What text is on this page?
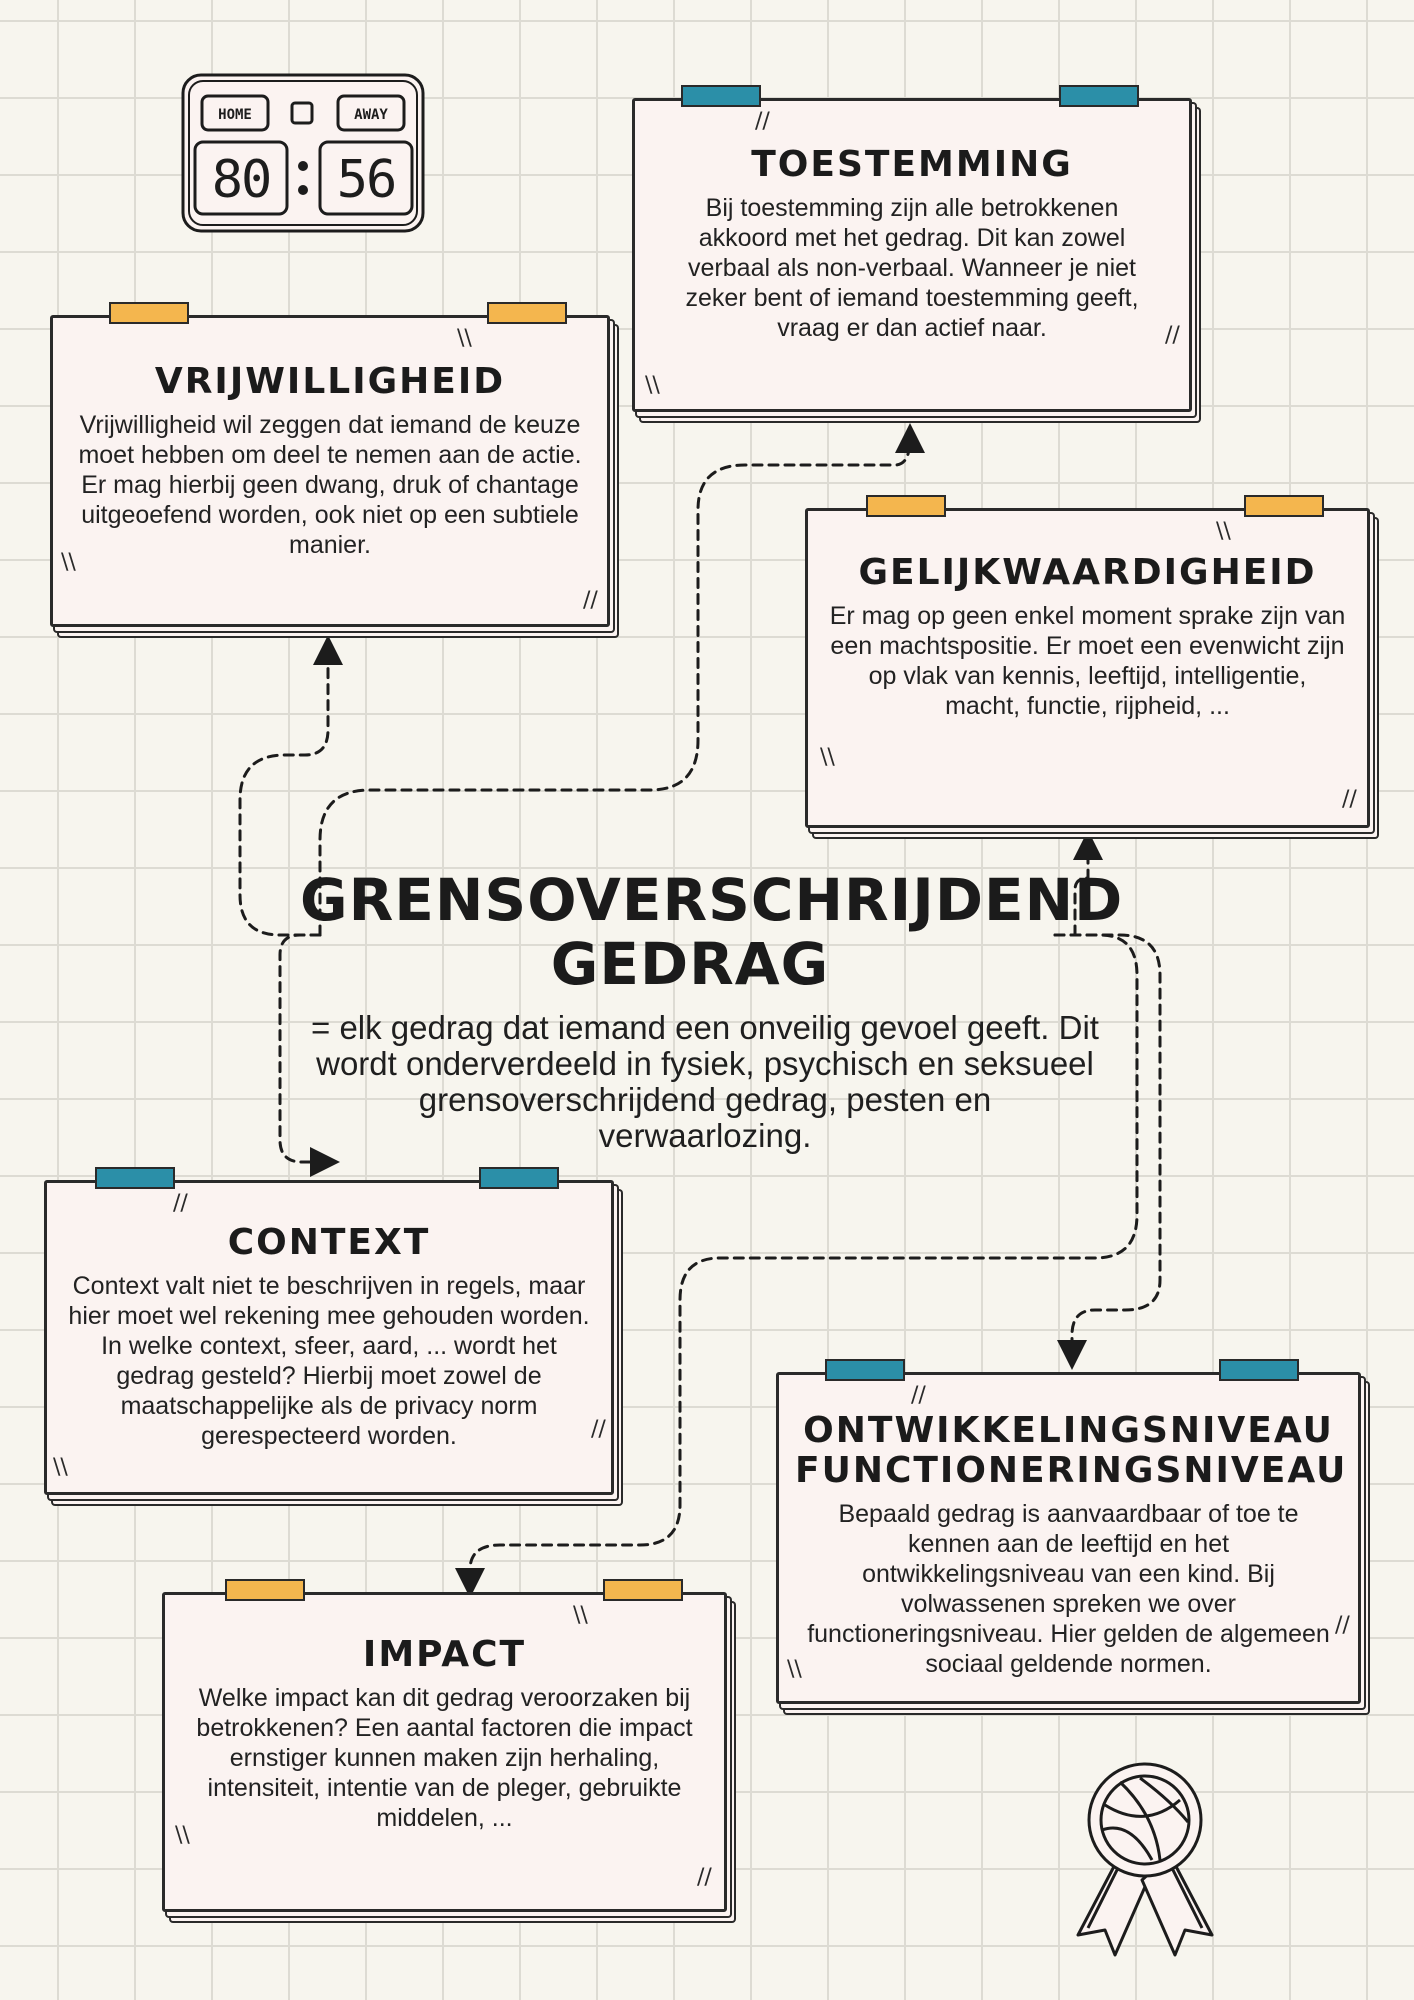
HOME	AWAY
80 56
//
//
\\
TOESTEMMING

Bij toestemming zijn alle betrokkenen akkoord met het gedrag. Dit kan zowel verbaal als non-verbaal. Wanneer je niet zeker bent of iemand toestemming geeft, vraag er dan actief naar.

\\
\\
//
VRIJWILLIGHEID

Vrijwilligheid wil zeggen dat iemand de keuze moet hebben om deel te nemen aan de actie. Er mag hierbij geen dwang, druk of chantage uitgeoefend worden, ook niet op een subtiele manier.	\\
\\
//
GELIJKWAARDIGHEID

Er mag op geen enkel moment sprake zijn van een machtspositie. Er moet een evenwicht zijn op vlak van kennis, leeftijd, intelligentie, macht, functie, rijpheid, ...

GRENSOVERSCHRIJDEND
GEDRAG
= elk gedrag dat iemand een onveilig gevoel geeft. Dit wordt onderverdeeld in fysiek, psychisch en seksueel grensoverschrijdend gedrag, pesten en verwaarlozing.
//
//
\\
CONTEXT

Context valt niet te beschrijven in regels, maar hier moet wel rekening mee gehouden worden. In welke context, sfeer, aard, ... wordt het gedrag gesteld? Hierbij moet zowel de maatschappelijke als de privacy norm gerespecteerd worden.

//
//
\\
ONTWIKKELINGSNIVEAU
FUNCTIONERINGSNIVEAU

Bepaald gedrag is aanvaardbaar of toe te kennen aan de leeftijd en het ontwikkelingsniveau van een kind. Bij volwassenen spreken we over functioneringsniveau. Hier gelden de algemeen sociaal geldende normen.

\\
\\
//
IMPACT

Welke impact kan dit gedrag veroorzaken bij betrokkenen? Een aantal factoren die impact ernstiger kunnen maken zijn herhaling, intensiteit, intentie van de pleger, gebruikte middelen, ...
